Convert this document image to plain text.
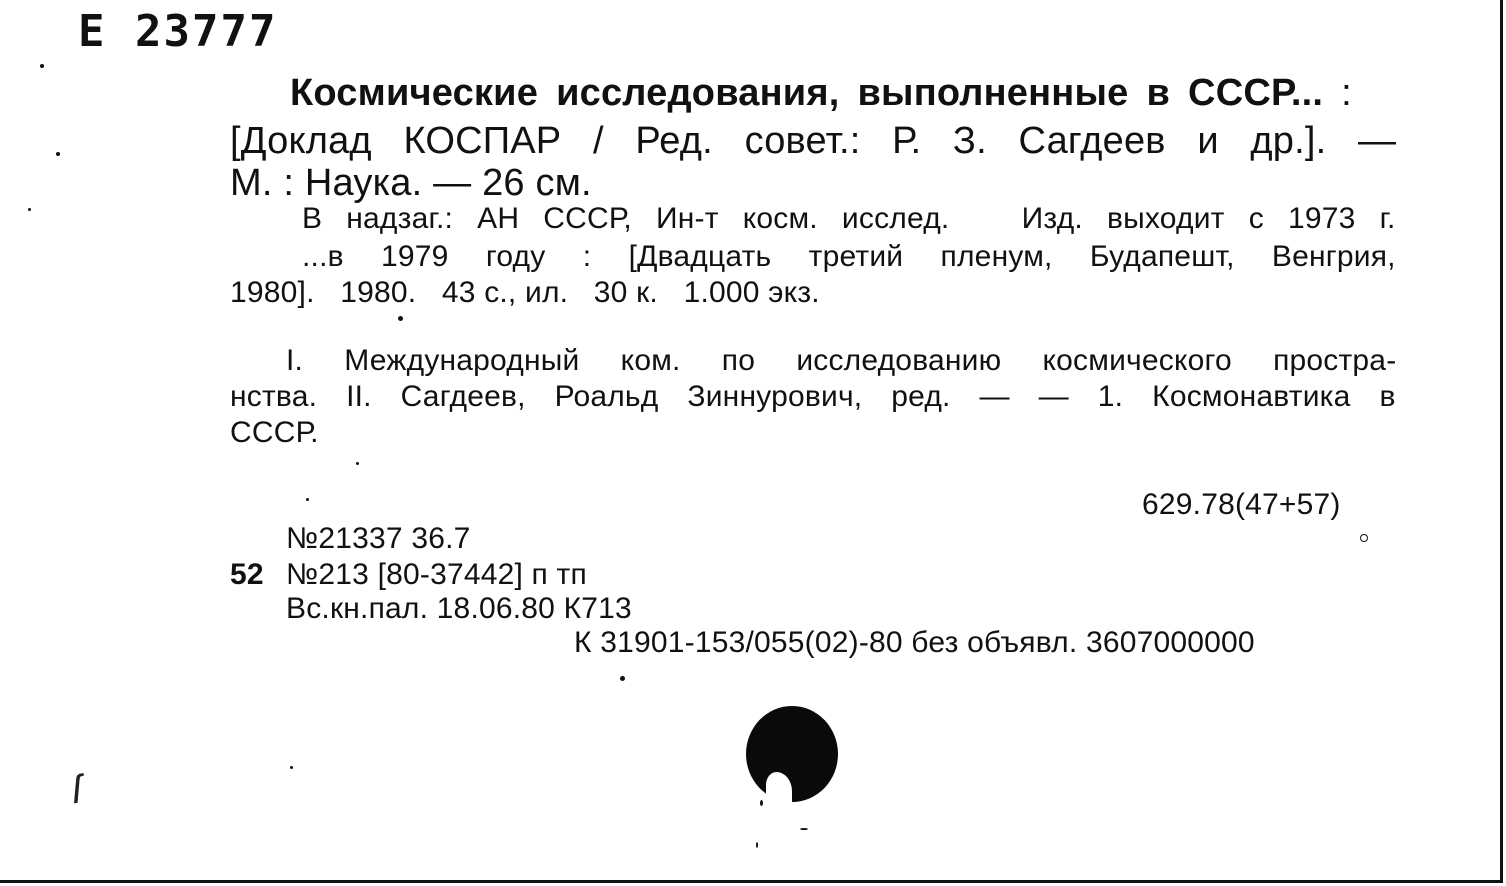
E 23777
Космические исследования, выполненные в СССР... :
[Доклад КОСПАР / Ред. совет.: Р. З. Сагдеев и др.]. —
М. : Наука. — 26 см.
В надзаг.: АН СССР, Ин-т косм. исслед.   Изд. выходит с 1973 г.
...в 1979 году : [Двадцать третий пленум, Будапешт, Венгрия,
1980].   1980.   43 с., ил.   30 к.   1.000 экз.
I. Международный ком. по исследованию космического простра-
нства. II. Сагдеев, Роальд Зиннурович, ред. — — 1. Космонавтика в
СССР.
629.78(47+57)
№21337 36.7
52 №213 [80-37442] п тп
Вс.кн.пал. 18.06.80 К713
К 31901-153/055(02)-80 без объявл. 3607000000
ſ
